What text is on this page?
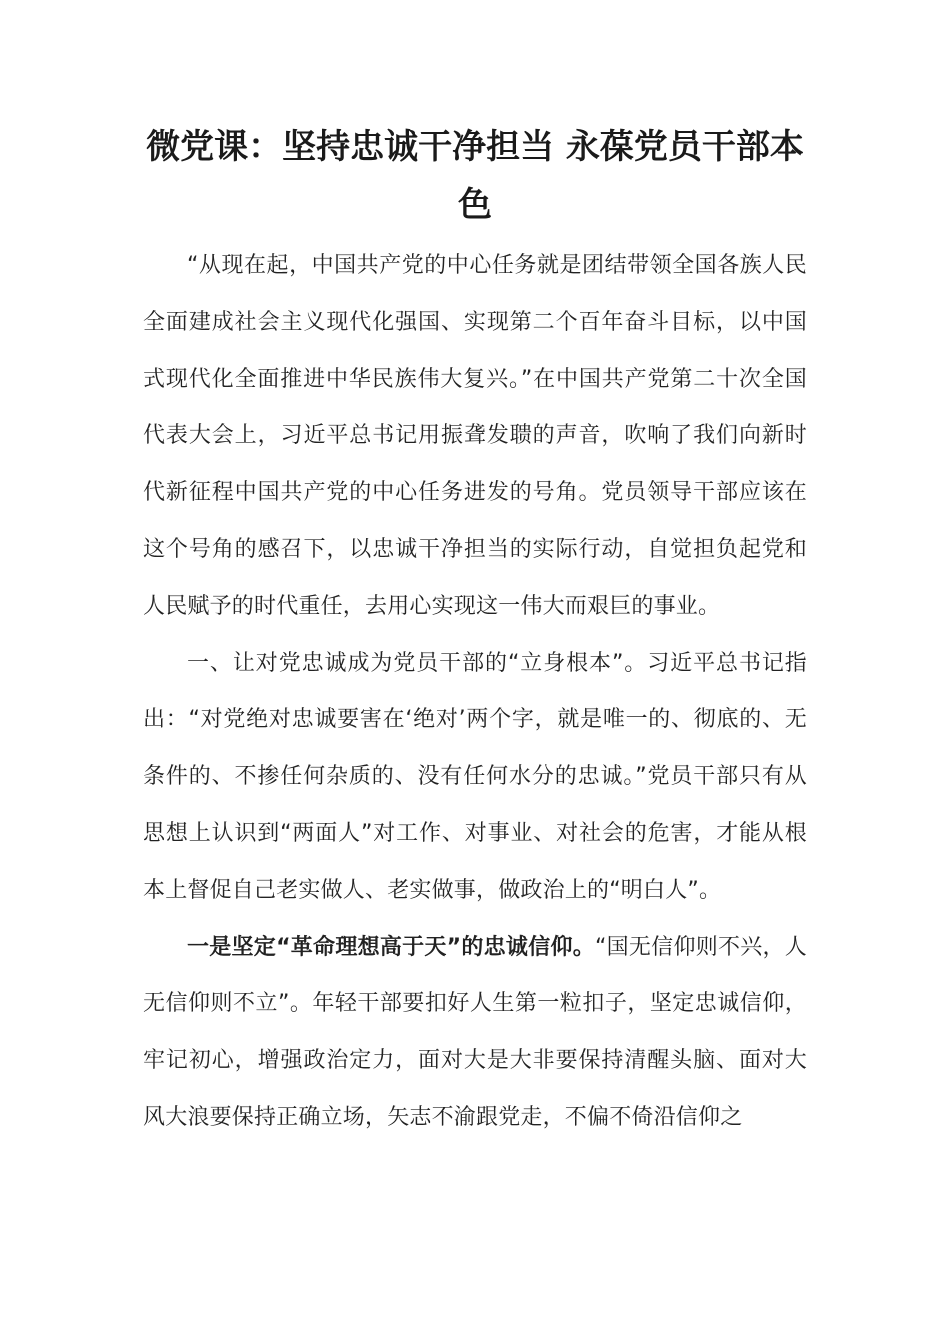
微党课：坚持忠诚干净担当 永葆党员干部本色

“从现在起，中国共产党的中心任务就是团结带领全国各族人民全面建成社会主义现代化强国、实现第二个百年奋斗目标，以中国式现代化全面推进中华民族伟大复兴。”在中国共产党第二十次全国代表大会上，习近平总书记用振聋发聩的声音，吹响了我们向新时代新征程中国共产党的中心任务进发的号角。党员领导干部应该在这个号角的感召下，以忠诚干净担当的实际行动，自觉担负起党和人民赋予的时代重任，去用心实现这一伟大而艰巨的事业。

一、让对党忠诚成为党员干部的“立身根本”。习近平总书记指出：“对党绝对忠诚要害在‘绝对’两个字，就是唯一的、彻底的、无条件的、不掺任何杂质的、没有任何水分的忠诚。”党员干部只有从思想上认识到“两面人”对工作、对事业、对社会的危害，才能从根本上督促自己老实做人、老实做事，做政治上的“明白人”。

一是坚定“革命理想高于天”的忠诚信仰。“国无信仰则不兴，人无信仰则不立”。年轻干部要扣好人生第一粒扣子，坚定忠诚信仰，牢记初心，增强政治定力，面对大是大非要保持清醒头脑、面对大风大浪要保持正确立场，矢志不渝跟党走，不偏不倚沿信仰之
